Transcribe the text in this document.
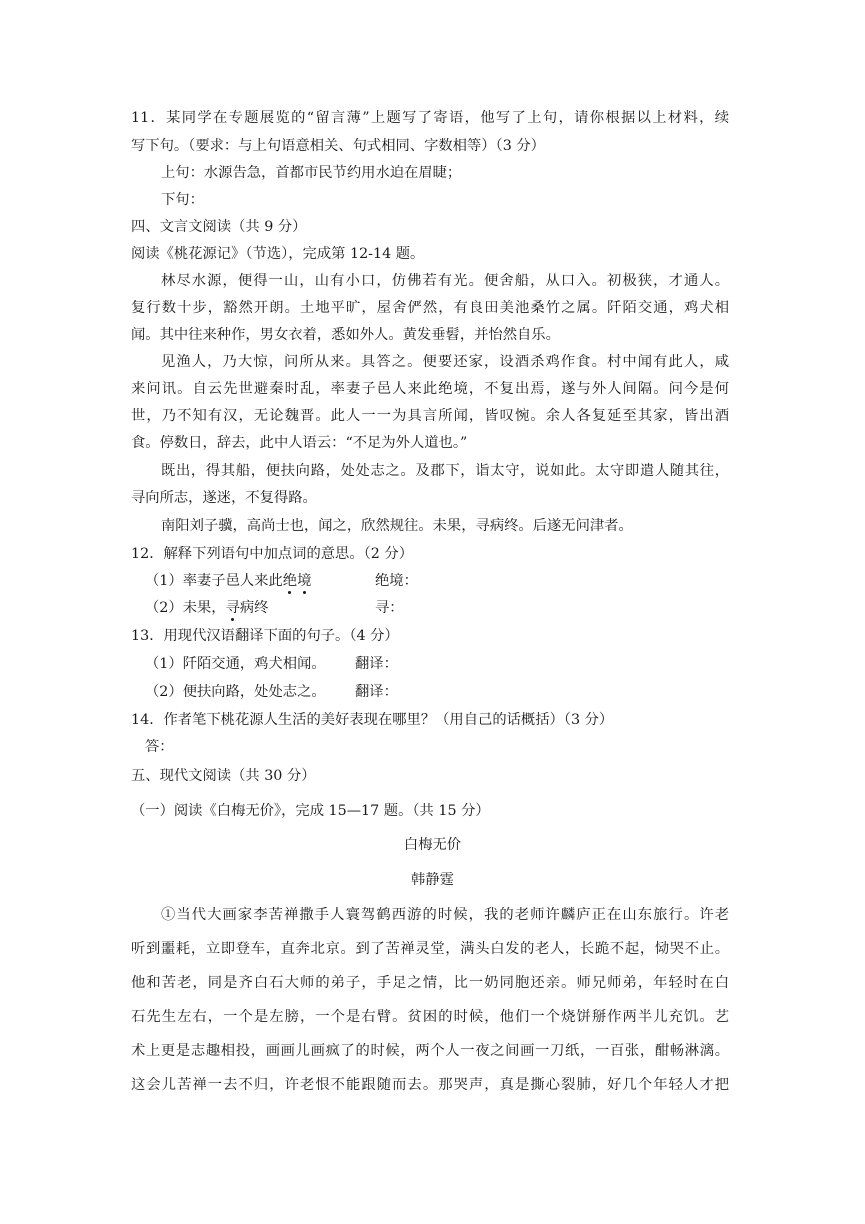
11．某同学在专题展览的“留言薄”上题写了寄语，他写了上句，请你根据以上材料，续
写下句。（要求：与上句语意相关、句式相同、字数相等）（3 分）
上句：水源告急，首都市民节约用水迫在眉睫；
下句：
四、文言文阅读（共 9 分）
阅读《桃花源记》（节选），完成第 12-14 题。
林尽水源，便得一山，山有小口，仿佛若有光。便舍船，从口入。初极狭，才通人。
复行数十步，豁然开朗。土地平旷，屋舍俨然，有良田美池桑竹之属。阡陌交通，鸡犬相
闻。其中往来种作，男女衣着，悉如外人。黄发垂髫，并怡然自乐。
见渔人，乃大惊，问所从来。具答之。便要还家，设酒杀鸡作食。村中闻有此人，咸
来问讯。自云先世避秦时乱，率妻子邑人来此绝境，不复出焉，遂与外人间隔。问今是何
世，乃不知有汉，无论魏晋。此人一一为具言所闻，皆叹惋。余人各复延至其家，皆出酒
食。停数日，辞去，此中人语云：“不足为外人道也。”
既出，得其船，便扶向路，处处志之。及郡下，诣太守，说如此。太守即遣人随其往，
寻向所志，遂迷，不复得路。
南阳刘子骥，高尚士也，闻之，欣然规往。未果，寻病终。后遂无问津者。
12．解释下列语句中加点词的意思。（2 分）
（1）率妻子邑人来此绝境	绝境：
（2）未果，寻病终	寻：
13．用现代汉语翻译下面的句子。（4 分）
（1）阡陌交通，鸡犬相闻。 翻译：
（2）便扶向路，处处志之。 翻译：
14．作者笔下桃花源人生活的美好表现在哪里？（用自己的话概括）（3 分）
答：
五、现代文阅读（共 30 分）
（一）阅读《白梅无价》，完成 15—17 题。（共 15 分）
白梅无价
韩静霆
①当代大画家李苦禅撒手人寰驾鹤西游的时候，我的老师许麟庐正在山东旅行。许老
听到噩耗，立即登车，直奔北京。到了苦禅灵堂，满头白发的老人，长跪不起，恸哭不止。
他和苦老，同是齐白石大师的弟子，手足之情，比一奶同胞还亲。师兄师弟，年轻时在白
石先生左右，一个是左膀，一个是右臂。贫困的时候，他们一个烧饼掰作两半儿充饥。艺
术上更是志趣相投，画画儿画疯了的时候，两个人一夜之间画一刀纸，一百张，酣畅淋漓。
这会儿苦禅一去不归，许老恨不能跟随而去。那哭声，真是撕心裂肺，好几个年轻人才把
